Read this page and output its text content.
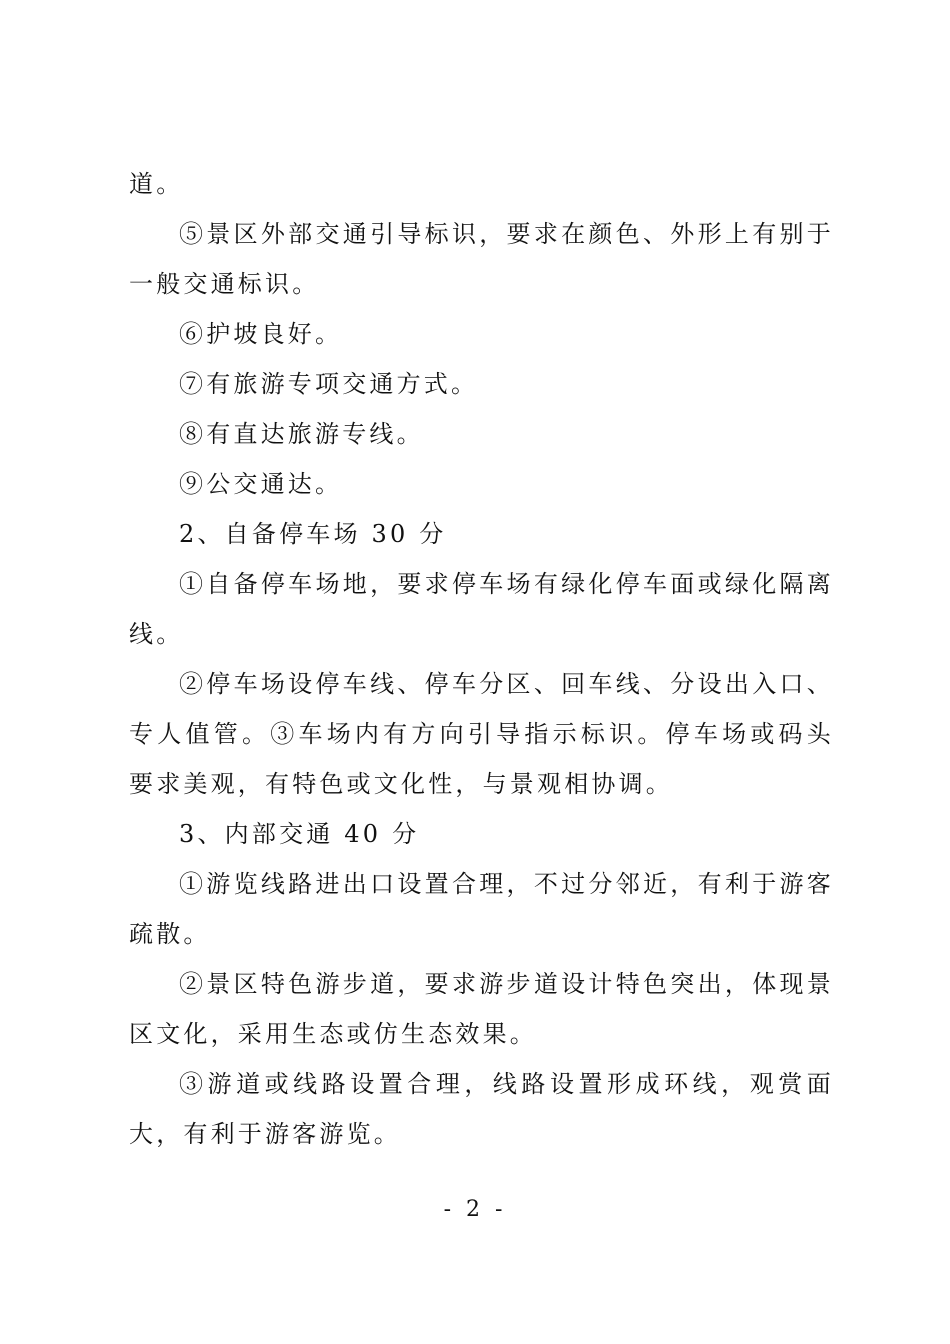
道。

⑤景区外部交通引导标识，要求在颜色、外形上有别于一般交通标识。

⑥护坡良好。

⑦有旅游专项交通方式。

⑧有直达旅游专线。

⑨公交通达。

2、自备停车场 30 分

①自备停车场地，要求停车场有绿化停车面或绿化隔离线。

②停车场设停车线、停车分区、回车线、分设出入口、专人值管。③车场内有方向引导指示标识。停车场或码头要求美观，有特色或文化性，与景观相协调。

3、内部交通 40 分

①游览线路进出口设置合理，不过分邻近，有利于游客疏散。

②景区特色游步道，要求游步道设计特色突出，体现景区文化，采用生态或仿生态效果。

③游道或线路设置合理，线路设置形成环线，观赏面大，有利于游客游览。

- 2 -
